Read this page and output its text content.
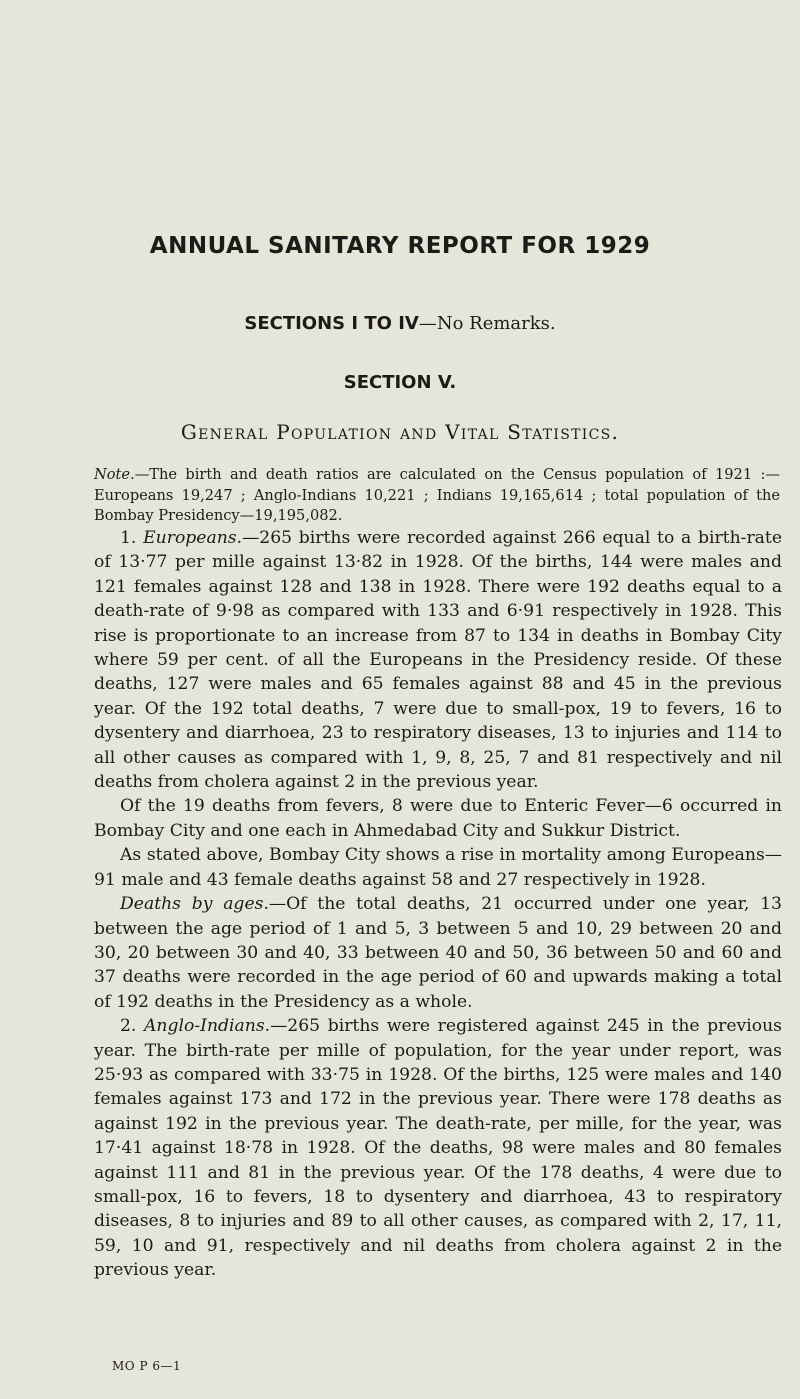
ANNUAL SANITARY REPORT FOR 1929
SECTIONS I TO IV—No Remarks.
SECTION V.
General Population and Vital Statistics.
Note.—The birth and death ratios are calculated on the Census population of 1921 :—Europeans 19,247 ; Anglo-Indians 10,221 ; Indians 19,165,614 ; total population of the Bombay Presidency—19,195,082.

1. Europeans.—265 births were recorded against 266 equal to a birth-rate of 13·77 per mille against 13·82 in 1928. Of the births, 144 were males and 121 females against 128 and 138 in 1928. There were 192 deaths equal to a death-rate of 9·98 as compared with 133 and 6·91 respectively in 1928. This rise is proportionate to an increase from 87 to 134 in deaths in Bombay City where 59 per cent. of all the Europeans in the Presidency reside. Of these deaths, 127 were males and 65 females against 88 and 45 in the previous year. Of the 192 total deaths, 7 were due to small-pox, 19 to fevers, 16 to dysentery and diarrhoea, 23 to respiratory diseases, 13 to injuries and 114 to all other causes as compared with 1, 9, 8, 25, 7 and 81 respectively and nil deaths from cholera against 2 in the previous year.

Of the 19 deaths from fevers, 8 were due to Enteric Fever—6 occurred in Bombay City and one each in Ahmedabad City and Sukkur District.

As stated above, Bombay City shows a rise in mortality among Europeans—91 male and 43 female deaths against 58 and 27 respectively in 1928.

Deaths by ages.—Of the total deaths, 21 occurred under one year, 13 between the age period of 1 and 5, 3 between 5 and 10, 29 between 20 and 30, 20 between 30 and 40, 33 between 40 and 50, 36 between 50 and 60 and 37 deaths were recorded in the age period of 60 and upwards making a total of 192 deaths in the Presidency as a whole.

2. Anglo-Indians.—265 births were registered against 245 in the previous year. The birth-rate per mille of population, for the year under report, was 25·93 as compared with 33·75 in 1928. Of the births, 125 were males and 140 females against 173 and 172 in the previous year. There were 178 deaths as against 192 in the previous year. The death-rate, per mille, for the year, was 17·41 against 18·78 in 1928. Of the deaths, 98 were males and 80 females against 111 and 81 in the previous year. Of the 178 deaths, 4 were due to small-pox, 16 to fevers, 18 to dysentery and diarrhoea, 43 to respiratory diseases, 8 to injuries and 89 to all other causes, as compared with 2, 17, 11, 59, 10 and 91, respectively and nil deaths from cholera against 2 in the previous year.

MO P 6—1
